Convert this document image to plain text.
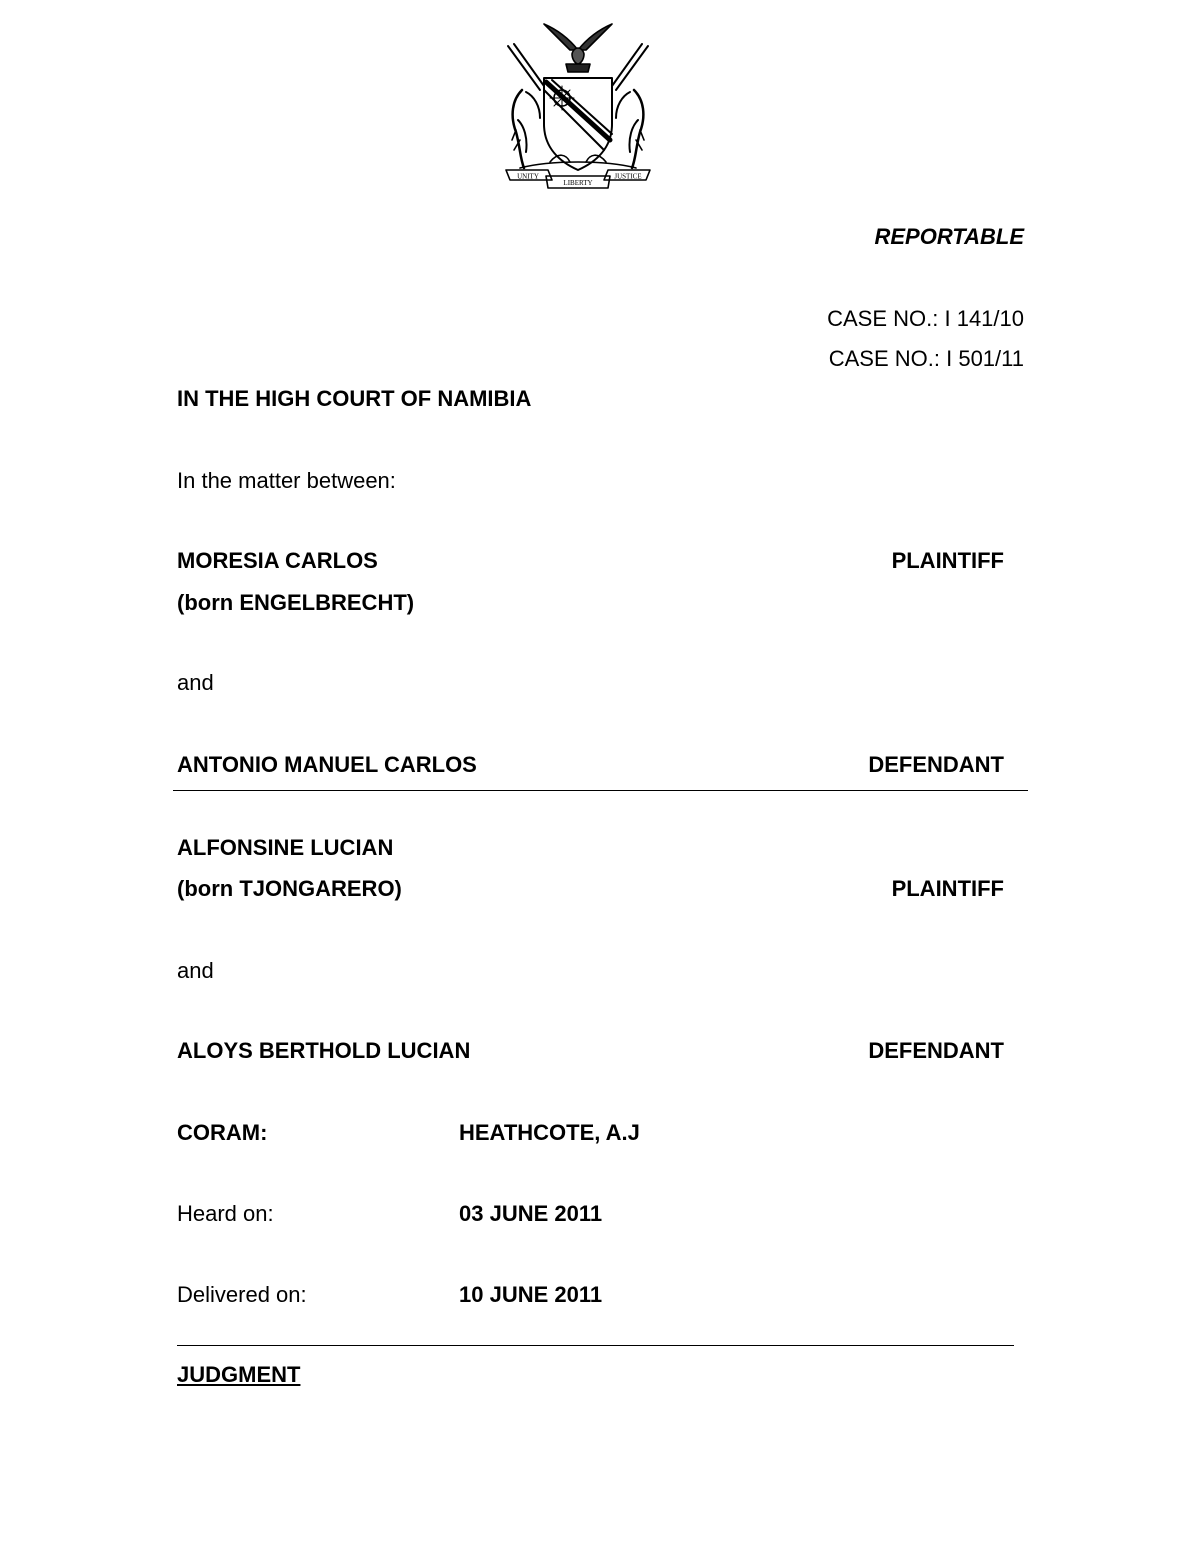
UNITY	JUSTICE
LIBERTY
REPORTABLE
CASE NO.: I 141/10
CASE NO.: I 501/11
IN THE HIGH COURT OF NAMIBIA
In the matter between:
MORESIA CARLOS	PLAINTIFF
(born ENGELBRECHT)
and
ANTONIO MANUEL CARLOS	DEFENDANT
ALFONSINE LUCIAN
(born TJONGARERO)	PLAINTIFF
and
ALOYS BERTHOLD LUCIAN	DEFENDANT
CORAM:	HEATHCOTE, A.J
Heard on:	03 JUNE 2011
Delivered on:	10 JUNE 2011
JUDGMENT
